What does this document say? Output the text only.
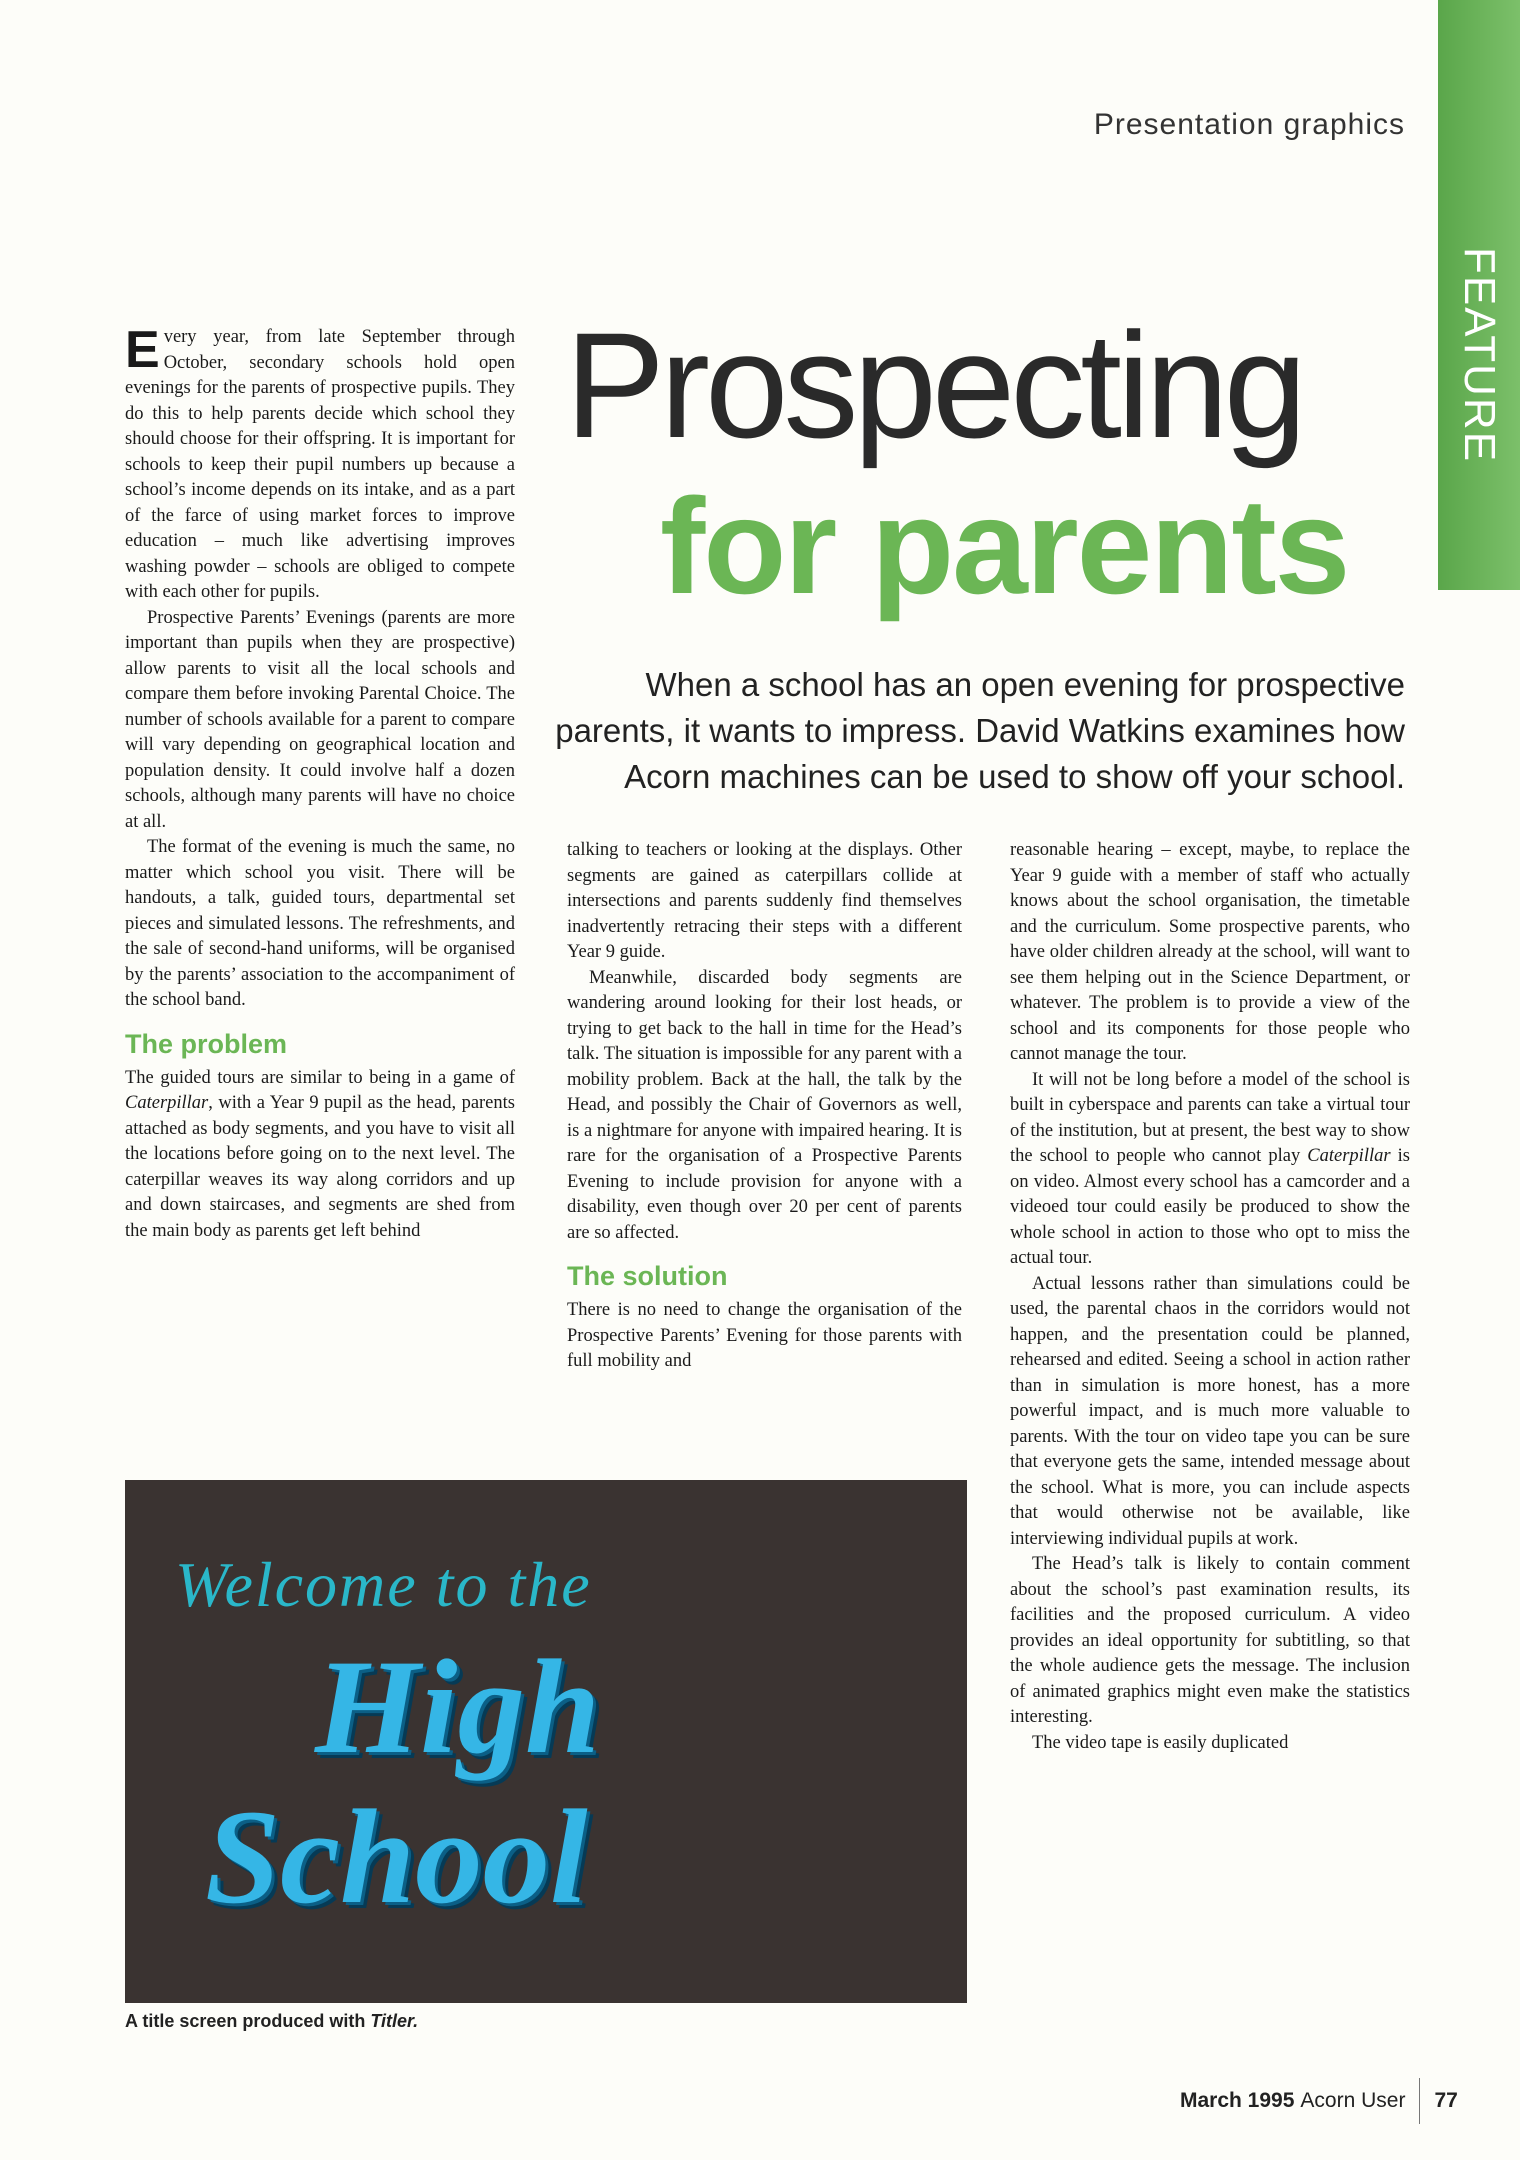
Presentation graphics
FEATURE
Prospecting
for parents
When a school has an open evening for prospective parents, it wants to impress. David Watkins examines how Acorn machines can be used to show off your school.

Every year, from late September through October, secondary schools hold open evenings for the parents of prospective pupils. They do this to help parents decide which school they should choose for their offspring. It is important for schools to keep their pupil numbers up because a school’s income depends on its intake, and as a part of the farce of using market forces to improve education – much like advertising improves washing powder – schools are obliged to compete with each other for pupils.

Prospective Parents’ Evenings (parents are more important than pupils when they are prospective) allow parents to visit all the local schools and compare them before invoking Parental Choice. The number of schools available for a parent to compare will vary depending on geographical location and population density. It could involve half a dozen schools, although many parents will have no choice at all.

The format of the evening is much the same, no matter which school you visit. There will be handouts, a talk, guided tours, departmental set pieces and simulated lessons. The refreshments, and the sale of second-hand uniforms, will be organised by the parents’ association to the accompaniment of the school band.

The problem

The guided tours are similar to being in a game of Caterpillar, with a Year 9 pupil as the head, parents attached as body segments, and you have to visit all the locations before going on to the next level. The caterpillar weaves its way along corridors and up and down staircases, and segments are shed from the main body as parents get left behind

talking to teachers or looking at the displays. Other segments are gained as caterpillars collide at intersections and parents suddenly find themselves inadvertently retracing their steps with a different Year 9 guide.

Meanwhile, discarded body segments are wandering around looking for their lost heads, or trying to get back to the hall in time for the Head’s talk. The situation is impossible for any parent with a mobility problem. Back at the hall, the talk by the Head, and possibly the Chair of Governors as well, is a nightmare for anyone with impaired hearing. It is rare for the organisation of a Prospective Parents Evening to include provision for anyone with a disability, even though over 20 per cent of parents are so affected.

The solution

There is no need to change the organisation of the Prospective Parents’ Evening for those parents with full mobility and

reasonable hearing – except, maybe, to replace the Year 9 guide with a member of staff who actually knows about the school organisation, the timetable and the curriculum. Some prospective parents, who have older children already at the school, will want to see them helping out in the Science Department, or whatever. The problem is to provide a view of the school and its components for those people who cannot manage the tour.

It will not be long before a model of the school is built in cyberspace and parents can take a virtual tour of the institution, but at present, the best way to show the school to people who cannot play Caterpillar is on video. Almost every school has a camcorder and a videoed tour could easily be produced to show the whole school in action to those who opt to miss the actual tour.

Actual lessons rather than simulations could be used, the parental chaos in the corridors would not happen, and the presentation could be planned, rehearsed and edited. Seeing a school in action rather than in simulation is more honest, has a more powerful impact, and is much more valuable to parents. With the tour on video tape you can be sure that everyone gets the same, intended message about the school. What is more, you can include aspects that would otherwise not be available, like interviewing individual pupils at work.

The Head’s talk is likely to contain comment about the school’s past examination results, its facilities and the proposed curriculum. A video provides an ideal opportunity for subtitling, so that the whole audience gets the message. The inclusion of animated graphics might even make the statistics interesting.

The video tape is easily duplicated

Welcome to the
High
School
A title screen produced with Titler.
March 1995 Acorn User 77
